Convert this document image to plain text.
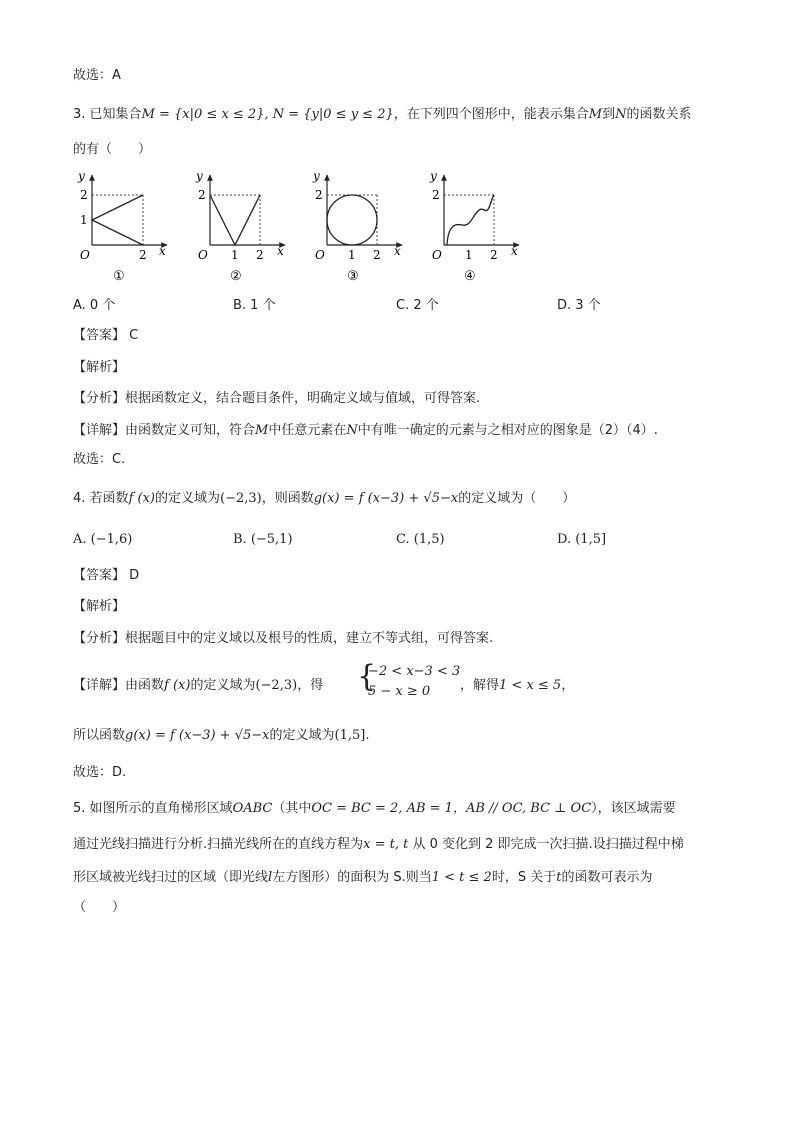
故选：A
3. 已知集合M = {x|0 ≤ x ≤ 2}, N = {y|0 ≤ y ≤ 2}，在下列四个图形中，能表示集合M到N的函数关系
的有（　　）
y
2
1
O	2 x
①
2
O 1 2 x
②
2
O 1 2 x
③
y
2
O 1 2 x
④
y	y
A. 0 个	B. 1 个	C. 2 个	D. 3 个
【答案】 C
【解析】
【分析】根据函数定义，结合题目条件，明确定义域与值域，可得答案.
【详解】由函数定义可知，符合M中任意元素在N中有唯一确定的元素与之相对应的图象是（2）（4）.
故选：C.
4. 若函数f (x)的定义域为(−2,3)，则函数g(x) = f (x−3) + √5−x的定义域为（　　）
A. (−1,6)	B. (−5,1)	C. (1,5)	D. (1,5]
【答案】 D
【解析】
【分析】根据题目中的定义域以及根号的性质，建立不等式组，可得答案.
【详解】由函数f (x)的定义域为(−2,3)，得 {
−2 < x−3 < 3
5 − x ≥ 0	，解得1 < x ≤ 5，
所以函数g(x) = f (x−3) + √5−x的定义域为(1,5].
故选：D.
5. 如图所示的直角梯形区域OABC（其中OC = BC = 2, AB = 1，AB // OC, BC ⊥ OC），该区域需要
通过光线扫描进行分析.扫描光线所在的直线方程为x = t, t 从 0 变化到 2 即完成一次扫描.设扫描过程中梯
形区域被光线扫过的区域（即光线l左方图形）的面积为 S.则当1 < t ≤ 2时，S 关于t的函数可表示为
（　　）
